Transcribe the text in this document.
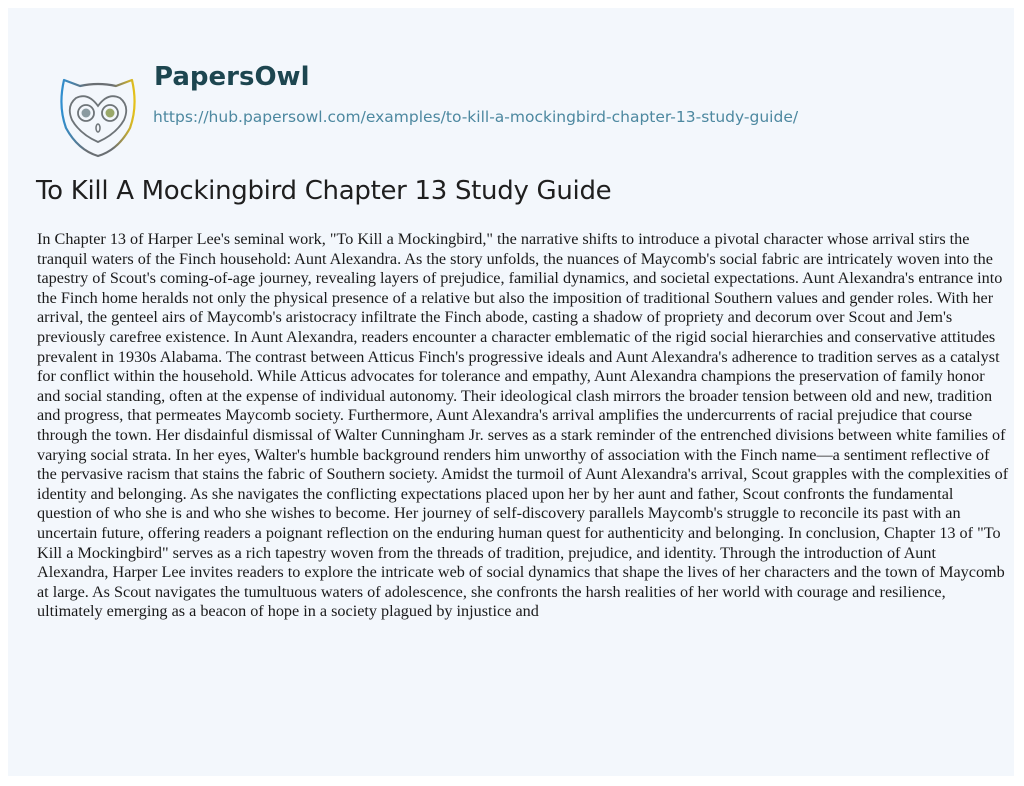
PapersOwl
https://hub.papersowl.com/examples/to-kill-a-mockingbird-chapter-13-study-guide/
To Kill A Mockingbird Chapter 13 Study Guide

In Chapter 13 of Harper Lee's seminal work, "To Kill a Mockingbird," the narrative shifts to introduce a pivotal character whose arrival stirs the tranquil waters of the Finch household: Aunt Alexandra. As the story unfolds, the nuances of Maycomb's social fabric are intricately woven into the tapestry of Scout's coming-of-age journey, revealing layers of prejudice, familial dynamics, and societal expectations. Aunt Alexandra's entrance into the Finch home heralds not only the physical presence of a relative but also the imposition of traditional Southern values and gender roles. With her arrival, the genteel airs of Maycomb's aristocracy infiltrate the Finch abode, casting a shadow of propriety and decorum over Scout and Jem's previously carefree existence. In Aunt Alexandra, readers encounter a character emblematic of the rigid social hierarchies and conservative attitudes prevalent in 1930s Alabama. The contrast between Atticus Finch's progressive ideals and Aunt Alexandra's adherence to tradition serves as a catalyst for conflict within the household. While Atticus advocates for tolerance and empathy, Aunt Alexandra champions the preservation of family honor and social standing, often at the expense of individual autonomy. Their ideological clash mirrors the broader tension between old and new, tradition and progress, that permeates Maycomb society. Furthermore, Aunt Alexandra's arrival amplifies the undercurrents of racial prejudice that course through the town. Her disdainful dismissal of Walter Cunningham Jr. serves as a stark reminder of the entrenched divisions between white families of varying social strata. In her eyes, Walter's humble background renders him unworthy of association with the Finch name—a sentiment reflective of the pervasive racism that stains the fabric of Southern society. Amidst the turmoil of Aunt Alexandra's arrival, Scout grapples with the complexities of identity and belonging. As she navigates the conflicting expectations placed upon her by her aunt and father, Scout confronts the fundamental question of who she is and who she wishes to become. Her journey of self-discovery parallels Maycomb's struggle to reconcile its past with an uncertain future, offering readers a poignant reflection on the enduring human quest for authenticity and belonging. In conclusion, Chapter 13 of "To Kill a Mockingbird" serves as a rich tapestry woven from the threads of tradition, prejudice, and identity. Through the introduction of Aunt Alexandra, Harper Lee invites readers to explore the intricate web of social dynamics that shape the lives of her characters and the town of Maycomb at large. As Scout navigates the tumultuous waters of adolescence, she confronts the harsh realities of her world with courage and resilience, ultimately emerging as a beacon of hope in a society plagued by injustice and
